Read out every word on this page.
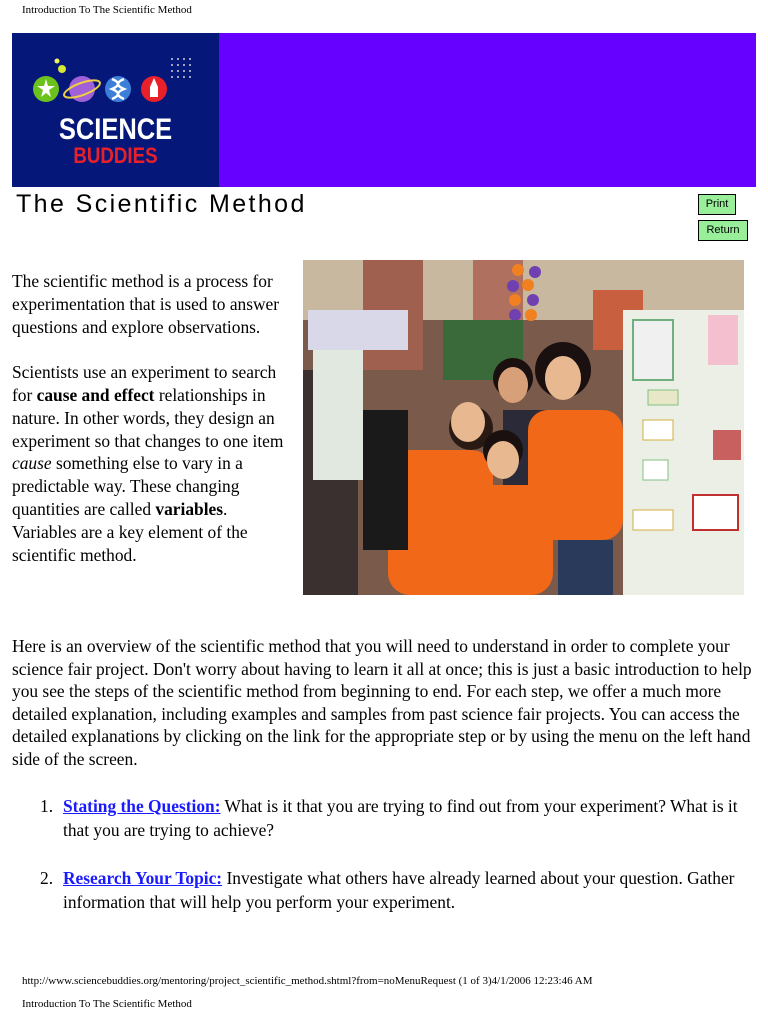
Introduction To The Scientific Method
SCIENCE
BUDDIES
The Scientific Method	Print
Return

The scientific method is a process for experimentation that is used to answer questions and explore observations.

Scientists use an experiment to search for cause and effect relationships in nature. In other words, they design an experiment so that changes to one item cause something else to vary in a predictable way. These changing quantities are called variables. Variables are a key element of the scientific method.

Here is an overview of the scientific method that you will need to understand in order to complete your science fair project. Don't worry about having to learn it all at once; this is just a basic introduction to help you see the steps of the scientific method from beginning to end. For each step, we offer a much more detailed explanation, including examples and samples from past science fair projects. You can access the detailed explanations by clicking on the link for the appropriate step or by using the menu on the left hand side of the screen.

1. Stating the Question: What is it that you are trying to find out from your experiment? What is it that you are trying to achieve?
2. Research Your Topic: Investigate what others have already learned about your question. Gather information that will help you perform your experiment.
http://www.sciencebuddies.org/mentoring/project_scientific_method.shtml?from=noMenuRequest (1 of 3)4/1/2006 12:23:46 AM
Introduction To The Scientific Method
